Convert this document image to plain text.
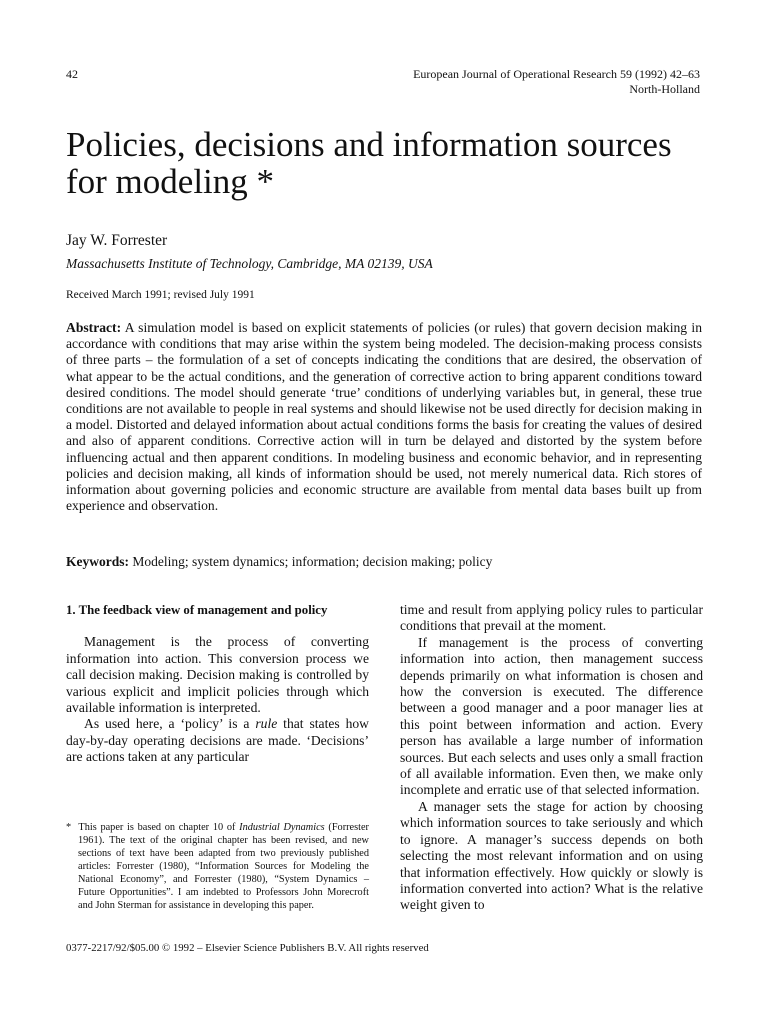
42	European Journal of Operational Research 59 (1992) 42–63
North-Holland
Policies, decisions and information sources for modeling *
Jay W. Forrester
Massachusetts Institute of Technology, Cambridge, MA 02139, USA
Received March 1991; revised July 1991

Abstract: A simulation model is based on explicit statements of policies (or rules) that govern decision making in accordance with conditions that may arise within the system being modeled. The decision-making process consists of three parts – the formulation of a set of concepts indicating the conditions that are desired, the observation of what appear to be the actual conditions, and the generation of corrective action to bring apparent conditions toward desired conditions. The model should generate ‘true’ conditions of underlying variables but, in general, these true conditions are not available to people in real systems and should likewise not be used directly for decision making in a model. Distorted and delayed information about actual conditions forms the basis for creating the values of desired and also of apparent conditions. Corrective action will in turn be delayed and distorted by the system before influencing actual and then apparent conditions. In modeling business and economic behavior, and in representing policies and decision making, all kinds of information should be used, not merely numerical data. Rich stores of information about governing policies and economic structure are available from mental data bases built up from experience and observation.

Keywords: Modeling; system dynamics; information; decision making; policy

1. The feedback view of management and policy

Management is the process of converting information into action. This conversion process we call decision making. Decision making is controlled by various explicit and implicit policies through which available information is interpreted.

As used here, a ‘policy’ is a rule that states how day-by-day operating decisions are made. ‘Decisions’ are actions taken at any particular

time and result from applying policy rules to particular conditions that prevail at the moment.

If management is the process of converting information into action, then management success depends primarily on what information is chosen and how the conversion is executed. The difference between a good manager and a poor manager lies at this point between information and action. Every person has available a large number of information sources. But each selects and uses only a small fraction of all available information. Even then, we make only incomplete and erratic use of that selected information.

A manager sets the stage for action by choosing which information sources to take seriously and which to ignore. A manager’s success depends on both selecting the most relevant information and on using that information effectively. How quickly or slowly is information converted into action? What is the relative weight given to

* This paper is based on chapter 10 of Industrial Dynamics (Forrester 1961). The text of the original chapter has been revised, and new sections of text have been adapted from two previously published articles: Forrester (1980), “Information Sources for Modeling the National Economy”, and Forrester (1980), “System Dynamics – Future Opportunities”. I am indebted to Professors John Morecroft and John Sterman for assistance in developing this paper.
0377-2217/92/$05.00 © 1992 – Elsevier Science Publishers B.V. All rights reserved
